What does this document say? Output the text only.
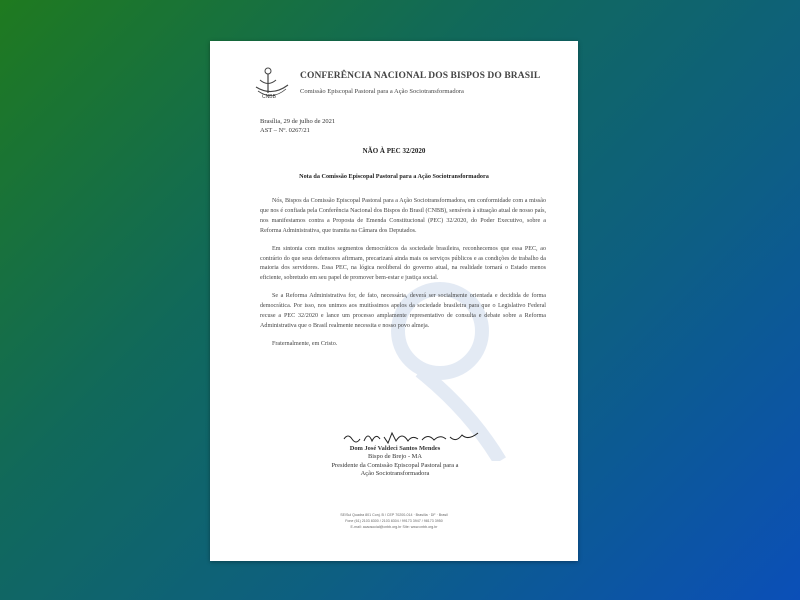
CNBB
CONFERÊNCIA NACIONAL DOS BISPOS DO BRASIL
Comissão Episcopal Pastoral para a Ação Sociotransformadora
Brasília, 29 de julho de 2021
AST – Nº. 0267/21
NÃO À PEC 32/2020
Nota da Comissão Episcopal Pastoral para a Ação Sociotransformadora

Nós, Bispos da Comissão Episcopal Pastoral para a Ação Sociotransformadora, em conformidade com a missão que nos é confiada pela Conferência Nacional dos Bispos do Brasil (CNBB), sensíveis à situação atual de nosso país, nos manifestamos contra a Proposta de Emenda Constitucional (PEC) 32/2020, do Poder Executivo, sobre a Reforma Administrativa, que tramita na Câmara dos Deputados.

Em sintonia com muitos segmentos democráticos da sociedade brasileira, reconhecemos que essa PEC, ao contrário do que seus defensores afirmam, precarizará ainda mais os serviços públicos e as condições de trabalho da maioria dos servidores. Essa PEC, na lógica neoliberal do governo atual, na realidade tornará o Estado menos eficiente, sobretudo em seu papel de promover bem-estar e justiça social.

Se a Reforma Administrativa for, de fato, necessária, deverá ser socialmente orientada e decidida de forma democrática. Por isso, nos unimos aos muitíssimos apelos da sociedade brasileira para que o Legislativo Federal recuse a PEC 32/2020 e lance um processo amplamente representativo de consulta e debate sobre a Reforma Administrativa que o Brasil realmente necessita e nosso povo almeja.

Fraternalmente, em Cristo.

Dom José Valdeci Santos Mendes
Bispo de Brejo - MA
Presidente da Comissão Episcopal Pastoral para a
Ação Sociotransformadora
SE/Sul Quadra 801 Conj. B / CEP 70200-014 · Brasília · DF · Brasil
Fone (61) 2103 8300 / 2103 8304 / 99173 3947 / 98173 3950
E-mail: acaosocial@cnbb.org.br Site: www.cnbb.org.br
